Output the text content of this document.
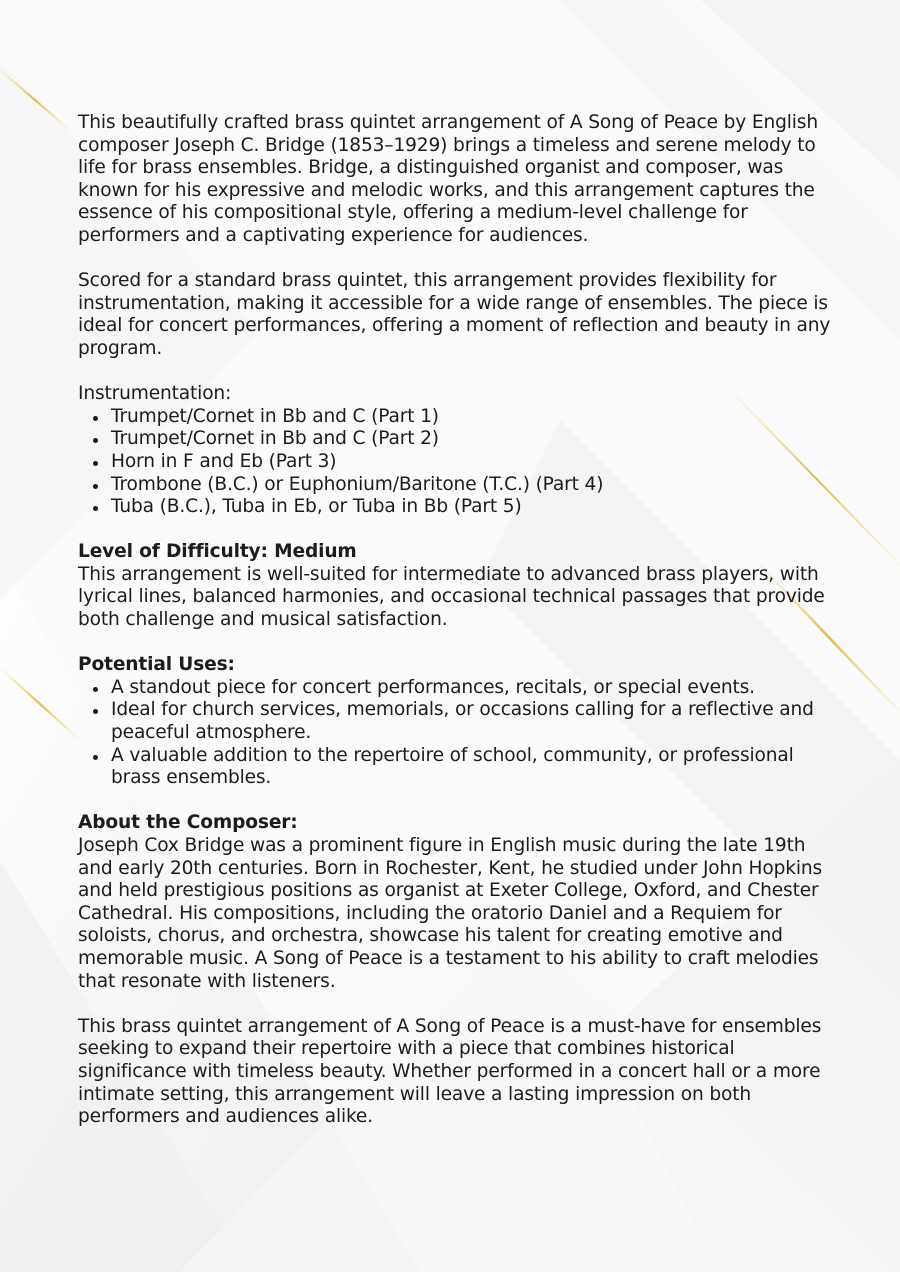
This beautifully crafted brass quintet arrangement of A Song of Peace by English composer Joseph C. Bridge (1853–1929) brings a timeless and serene melody to life for brass ensembles. Bridge, a distinguished organist and composer, was known for his expressive and melodic works, and this arrangement captures the essence of his compositional style, offering a medium-level challenge for performers and a captivating experience for audiences.

Scored for a standard brass quintet, this arrangement provides flexibility for instrumentation, making it accessible for a wide range of ensembles. The piece is ideal for concert performances, offering a moment of reflection and beauty in any program.

Instrumentation:

Trumpet/Cornet in Bb and C (Part 1)
Trumpet/Cornet in Bb and C (Part 2)
Horn in F and Eb (Part 3)
Trombone (B.C.) or Euphonium/Baritone (T.C.) (Part 4)
Tuba (B.C.), Tuba in Eb, or Tuba in Bb (Part 5)

Level of Difficulty: Medium

This arrangement is well-suited for intermediate to advanced brass players, with lyrical lines, balanced harmonies, and occasional technical passages that provide both challenge and musical satisfaction.

Potential Uses:

A standout piece for concert performances, recitals, or special events.
Ideal for church services, memorials, or occasions calling for a reflective and peaceful atmosphere.
A valuable addition to the repertoire of school, community, or professional brass ensembles.

About the Composer:

Joseph Cox Bridge was a prominent figure in English music during the late 19th and early 20th centuries. Born in Rochester, Kent, he studied under John Hopkins and held prestigious positions as organist at Exeter College, Oxford, and Chester Cathedral. His compositions, including the oratorio Daniel and a Requiem for soloists, chorus, and orchestra, showcase his talent for creating emotive and memorable music. A Song of Peace is a testament to his ability to craft melodies that resonate with listeners.

This brass quintet arrangement of A Song of Peace is a must-have for ensembles seeking to expand their repertoire with a piece that combines historical significance with timeless beauty. Whether performed in a concert hall or a more intimate setting, this arrangement will leave a lasting impression on both performers and audiences alike.
